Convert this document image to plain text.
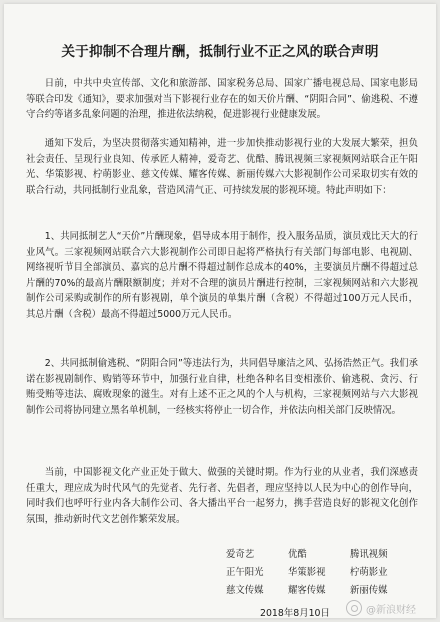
关于抑制不合理片酬，抵制行业不正之风的联合声明

日前，中共中央宣传部、文化和旅游部、国家税务总局、国家广播电视总局、国家电影局等联合印发《通知》，要求加强对当下影视行业存在的如天价片酬、“阴阳合同”、偷逃税、不遵守合约等诸多乱象问题的治理，推进依法纳税，促进影视行业健康发展。

通知下发后，为坚决贯彻落实通知精神，进一步加快推动影视行业的大发展大繁荣，担负社会责任、呈现行业良知、传承匠人精神，爱奇艺、优酷、腾讯视频三家视频网站联合正午阳光、华策影视、柠萌影业、慈文传媒、耀客传媒、新丽传媒六大影视制作公司采取切实有效的联合行动，共同抵制行业乱象，营造风清气正、可持续发展的影视环境。特此声明如下：

1、共同抵制艺人“天价”片酬现象，倡导成本用于制作，投入服务品质，演员戏比天大的行业风气。三家视频网站联合六大影视制作公司即日起将严格执行有关部门每部电影、电视剧、网络视听节目全部演员、嘉宾的总片酬不得超过制作总成本的40%，主要演员片酬不得超过总片酬的70%的最高片酬限额制度；并对不合理的演员片酬进行控制，三家视频网站和六大影视制作公司采购或制作的所有影视剧，单个演员的单集片酬（含税）不得超过100万元人民币，其总片酬（含税）最高不得超过5000万元人民币。

2、共同抵制偷逃税、“阴阳合同”等违法行为，共同倡导廉洁之风、弘扬浩然正气。我们承诺在影视剧制作、购销等环节中，加强行业自律，杜绝各种名目变相涨价、偷逃税、贪污、行贿受贿等违法、腐败现象的滋生。对有上述不正之风的个人与机构，三家视频网站与六大影视制作公司将协同建立黑名单机制，一经核实将停止一切合作，并依法向相关部门反映情况。

当前，中国影视文化产业正处于做大、做强的关键时期。作为行业的从业者，我们深感责任重大，理应成为时代风气的先觉者、先行者、先倡者，理应坚持以人民为中心的创作导向，同时我们也呼吁行业内各大制作公司、各大播出平台一起努力，携手营造良好的影视文化创作氛围，推动新时代文艺创作繁荣发展。

爱奇艺	优酷	腾讯视频
正午阳光	华策影视	柠萌影业
慈文传媒	耀客传媒	新丽传媒
2018年8月10日	@新浪财经
